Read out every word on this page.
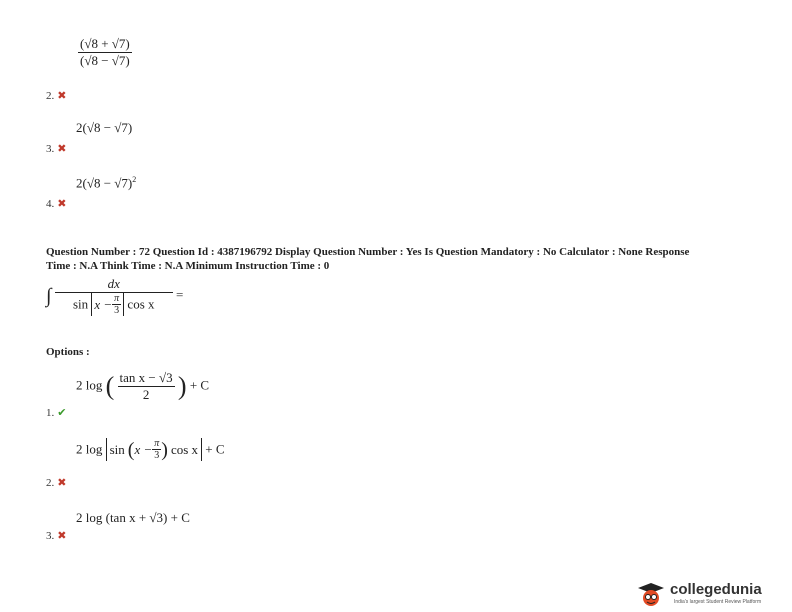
$\frac{(√8 + √7)}{(√8 - √7)}$
2. ✖
2(√8 − √7)
3. ✖
$2(√8 - √7)^2$
4. ✖
Question Number : 72 Question Id : 4387196792 Display Question Number : Yes Is Question Mandatory : No Calculator : None Response
Time : N.A Think Time : N.A Minimum Instruction Time : 0
∫
dx
$\sin x - \frac{\pi}{3}$ cos x
=
Options :
2 log ( $\frac{\text{tan x − √3}}{2}$ ) + C
1. ✔
2 log sin ( $x - \frac{\pi}{3}$ ) cos x + C
2. ✖
2 log (tan x + √3) + C
3. ✖
collegedunia
India's largest Student Review Platform
